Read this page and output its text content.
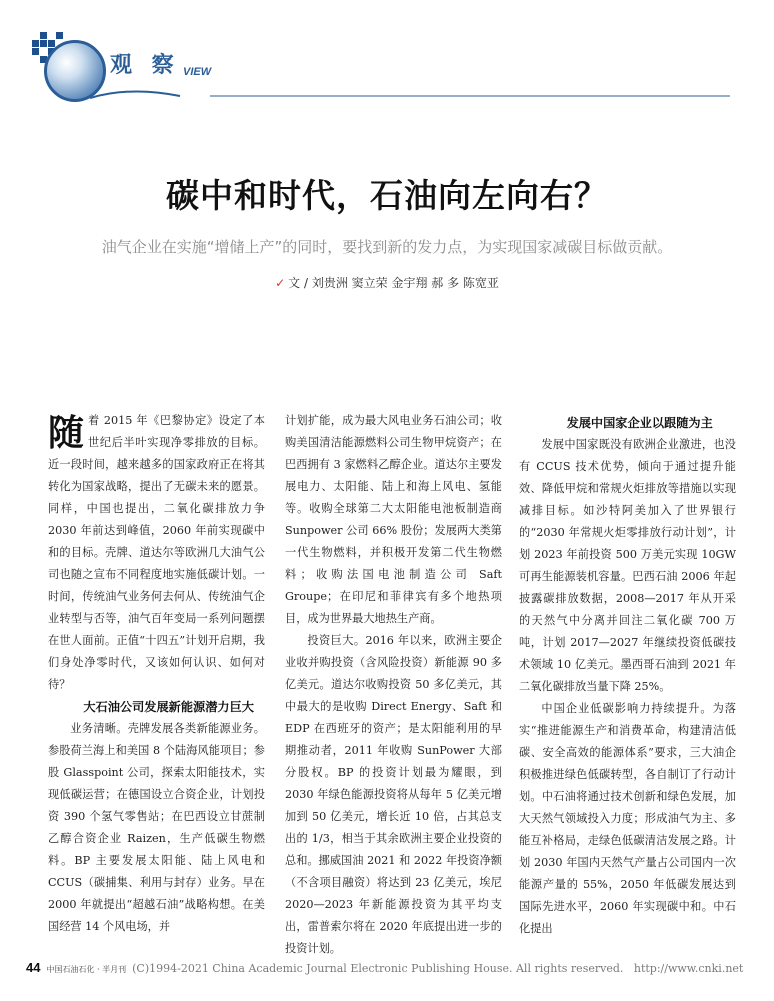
观 察 VIEW
碳中和时代，石油向左向右？
油气企业在实施“增储上产”的同时，要找到新的发力点，为实现国家减碳目标做贡献。
✓ 文 / 刘贵洲 窦立荣 金宇翔 郝 多 陈宽亚

随着 2015 年《巴黎协定》设定了本世纪后半叶实现净零排放的目标。近一段时间，越来越多的国家政府正在将其转化为国家战略，提出了无碳未来的愿景。同样，中国也提出，二氧化碳排放力争 2030 年前达到峰值，2060 年前实现碳中和的目标。壳牌、道达尔等欧洲几大油气公司也随之宣布不同程度地实施低碳计划。一时间，传统油气业务何去何从、传统油气企业转型与否等，油气百年变局一系列问题摆在世人面前。正值“十四五”计划开启期，我们身处净零时代，又该如何认识、如何对待？

大石油公司发展新能源潜力巨大

业务清晰。壳牌发展各类新能源业务。参股荷兰海上和美国 8 个陆海风能项目；参股 Glasspoint 公司，探索太阳能技术，实现低碳运营；在德国设立合资企业，计划投资 390 个氢气零售站；在巴西设立甘蔗制乙醇合资企业 Raizen，生产低碳生物燃料。BP 主要发展太阳能、陆上风电和 CCUS（碳捕集、利用与封存）业务。早在 2000 年就提出“超越石油”战略构想。在美国经营 14 个风电场，并

计划扩能，成为最大风电业务石油公司；收购美国清洁能源燃料公司生物甲烷资产；在巴西拥有 3 家燃料乙醇企业。道达尔主要发展电力、太阳能、陆上和海上风电、氢能等。收购全球第二大太阳能电池板制造商 Sunpower 公司 66% 股份；发展两大类第一代生物燃料，并积极开发第二代生物燃料；收购法国电池制造公司 Saft Groupe；在印尼和菲律宾有多个地热项目，成为世界最大地热生产商。

投资巨大。2016 年以来，欧洲主要企业收并购投资（含风险投资）新能源 90 多亿美元。道达尔收购投资 50 多亿美元，其中最大的是收购 Direct Energy、Saft 和 EDP 在西班牙的资产；是太阳能利用的早期推动者，2011 年收购 SunPower 大部分股权。BP 的投资计划最为耀眼，到 2030 年绿色能源投资将从每年 5 亿美元增加到 50 亿美元，增长近 10 倍，占其总支出的 1/3，相当于其余欧洲主要企业投资的总和。挪威国油 2021 和 2022 年投资净额（不含项目融资）将达到 23 亿美元，埃尼 2020—2023 年新能源投资为其平均支出，雷普索尔将在 2020 年底提出进一步的投资计划。

发展中国家企业以跟随为主

发展中国家既没有欧洲企业激进，也没有 CCUS 技术优势，倾向于通过提升能效、降低甲烷和常规火炬排放等措施以实现减排目标。如沙特阿美加入了世界银行的“2030 年常规火炬零排放行动计划”，计划 2023 年前投资 500 万美元实现 10GW 可再生能源装机容量。巴西石油 2006 年起披露碳排放数据，2008—2017 年从开采的天然气中分离并回注二氧化碳 700 万吨，计划 2017—2027 年继续投资低碳技术领域 10 亿美元。墨西哥石油到 2021 年二氧化碳排放当量下降 25%。

中国企业低碳影响力持续提升。为落实“推进能源生产和消费革命，构建清洁低碳、安全高效的能源体系”要求，三大油企积极推进绿色低碳转型，各自制订了行动计划。中石油将通过技术创新和绿色发展，加大天然气领域投入力度；形成油气为主、多能互补格局，走绿色低碳清洁发展之路。计划 2030 年国内天然气产量占公司国内一次能源产量的 55%，2050 年低碳发展达到国际先进水平，2060 年实现碳中和。中石化提出

44 中国石油石化 · 半月刊 (C)1994-2021 China Academic Journal Electronic Publishing House. All rights reserved. http://www.cnki.net
